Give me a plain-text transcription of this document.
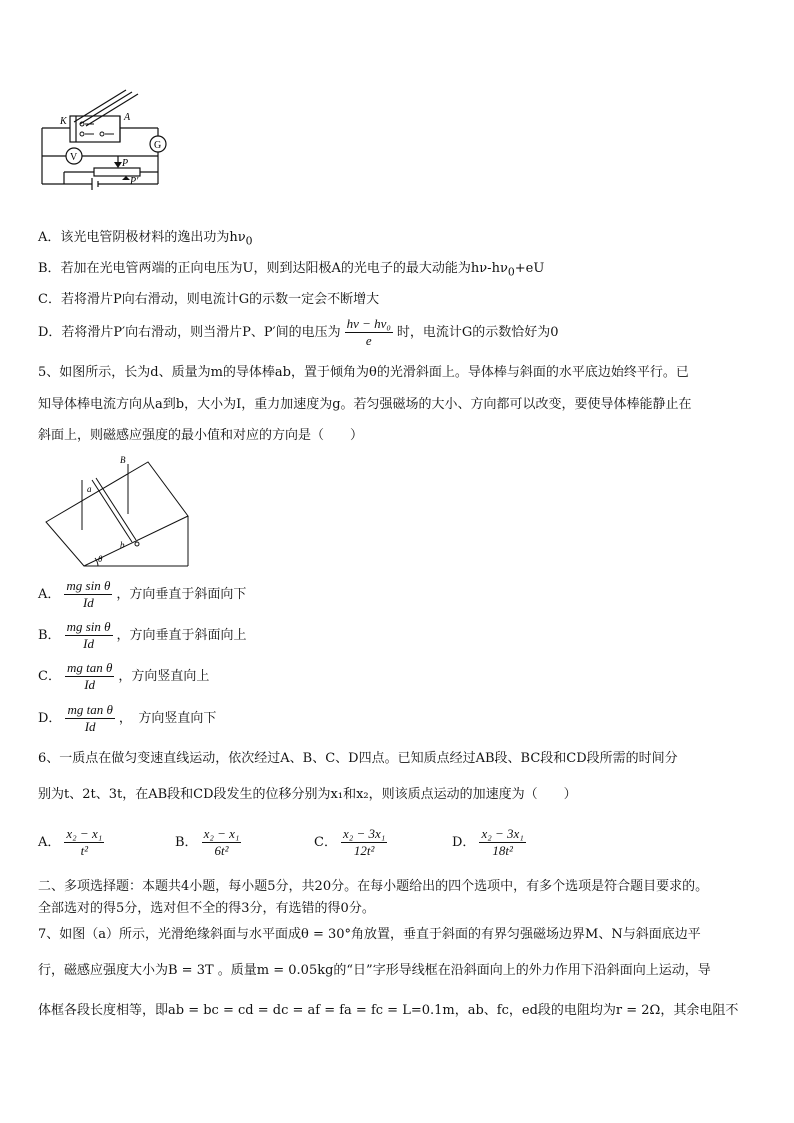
K	A
V
G
P
P′
A．该光电管阴极材料的逸出功为$h\nu_0$
B．若加在光电管两端的正向电压为U，则到达阳极A的光电子的最大动能为$h\nu-h\nu_0+eU$
C．若将滑片P向右滑动，则电流计G的示数一定会不断增大
D．若将滑片P′向右滑动，则当滑片P、P′间的电压为 $\frac{\text{hν − hν₀}}{e}$ 时，电流计G的示数恰好为0
5、如图所示，长为d、质量为m的导体棒ab，置于倾角为θ的光滑斜面上。导体棒与斜面的水平底边始终平行。已
知导体棒电流方向从a到b，大小为I，重力加速度为g。若匀强磁场的大小、方向都可以改变，要使导体棒能静止在
斜面上，则磁感应强度的最小值和对应的方向是（　　）
B
a
b
θ
A． $\frac{\text{mg sin θ}}{Id}$ ，方向垂直于斜面向下
B． $\frac{\text{mg sin θ}}{Id}$ ，方向垂直于斜面向上
C． $\frac{\text{mg tan θ}}{Id}$ ，方向竖直向上
D． $\frac{\text{mg tan θ}}{Id}$ ，　方向竖直向下
6、一质点在做匀变速直线运动，依次经过A、B、C、D四点。已知质点经过AB段、BC段和CD段所需的时间分
别为t、2t、3t，在AB段和CD段发生的位移分别为x₁和x₂，则该质点运动的加速度为（　　）
A． $\frac{\text{x₂ − x₁}}{\text{t²}}$	B． $\frac{\text{x₂ − x₁}}{\text{6t²}}$	C． $\frac{\text{x₂ − 3x₁}}{\text{12t²}}$	D． $\frac{\text{x₂ − 3x₁}}{\text{18t²}}$
二、多项选择题：本题共4小题，每小题5分，共20分。在每小题给出的四个选项中，有多个选项是符合题目要求的。
全部选对的得5分，选对但不全的得3分，有选错的得0分。
7、如图（a）所示，光滑绝缘斜面与水平面成θ = 30°角放置，垂直于斜面的有界匀强磁场边界M、N与斜面底边平
行，磁感应强度大小为B = 3T 。质量m = 0.05kg的“日”字形导线框在沿斜面向上的外力作用下沿斜面向上运动，导
体框各段长度相等，即ab = bc = cd = dc = af = fa = fc = L=0.1m，ab、fc，ed段的电阻均为r = 2Ω，其余电阻不
